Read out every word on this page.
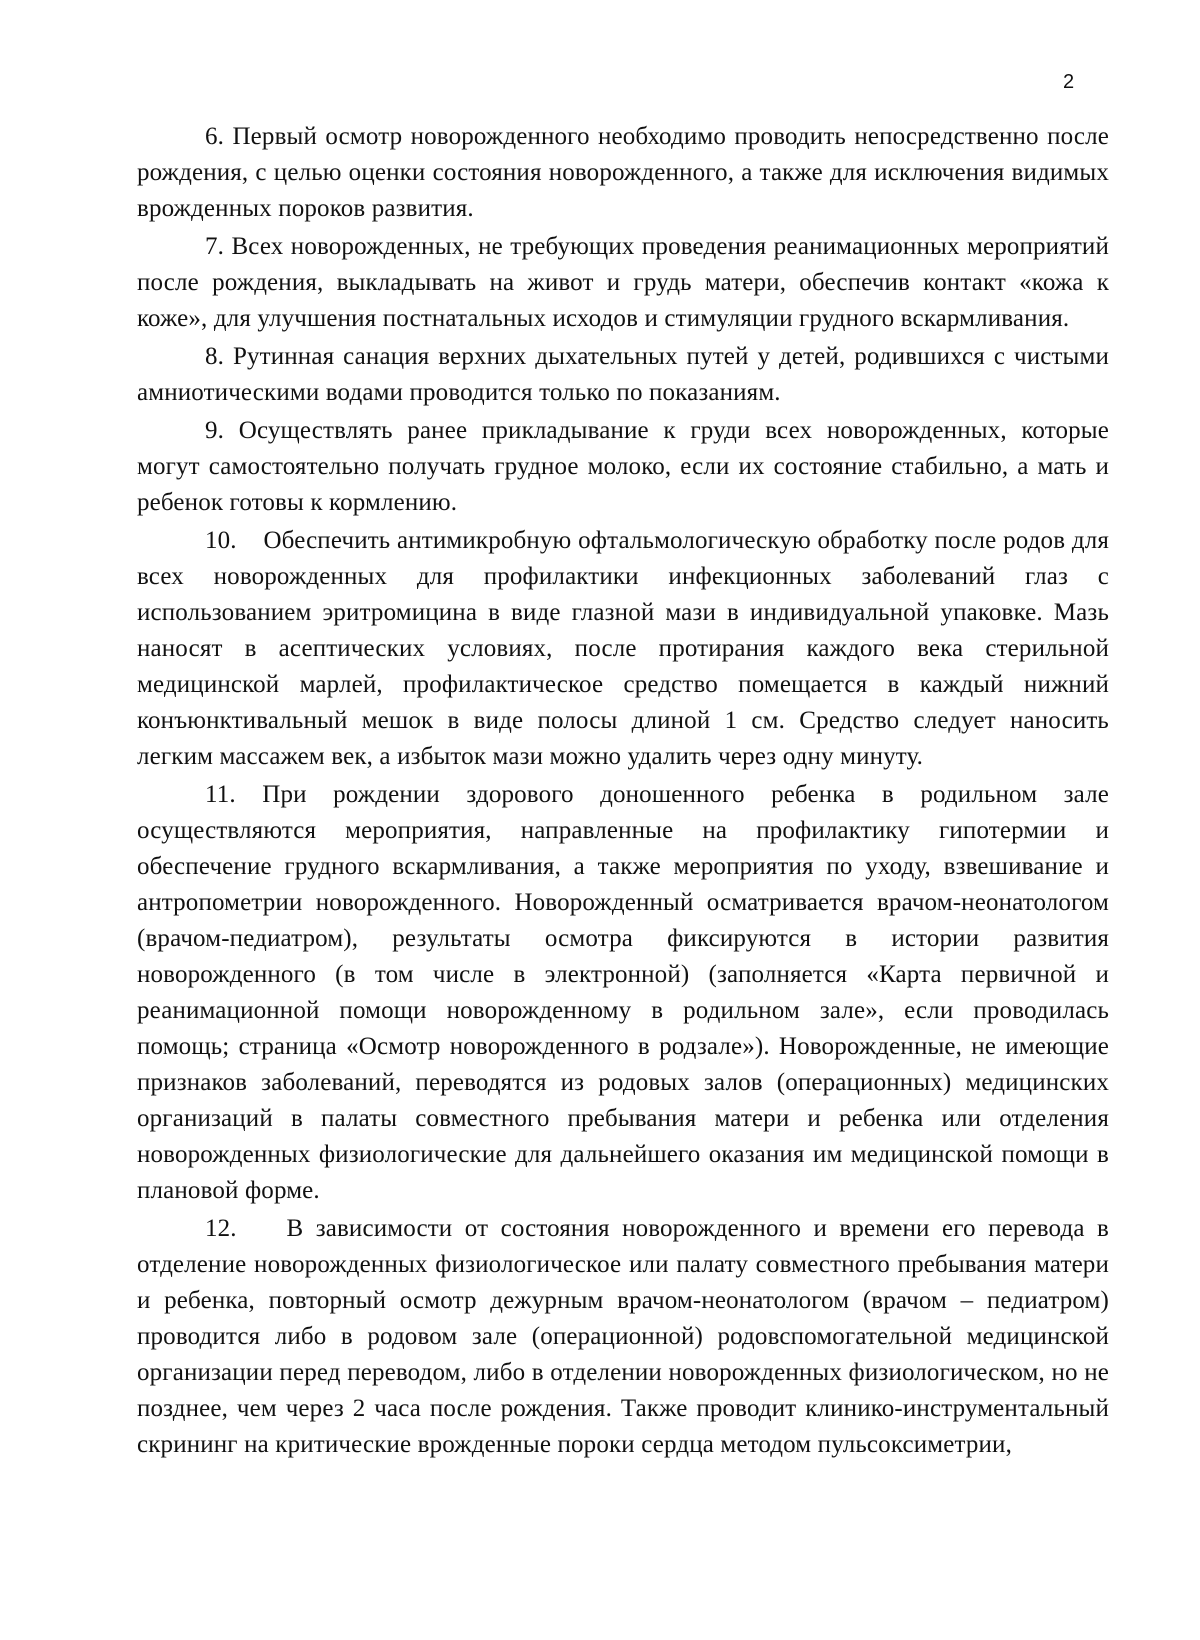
2

6. Первый осмотр новорожденного необходимо проводить непосредственно после рождения, с целью оценки состояния новорожденного, а также для исключения видимых врожденных пороков развития.

7. Всех новорожденных, не требующих проведения реанимационных мероприятий после рождения, выкладывать на живот и грудь матери, обеспечив контакт «кожа к коже», для улучшения постнатальных исходов и стимуляции грудного вскармливания.

8. Рутинная санация верхних дыхательных путей у детей, родившихся с чистыми амниотическими водами проводится только по показаниям.

9. Осуществлять ранее прикладывание к груди всех новорожденных, которые могут самостоятельно получать грудное молоко, если их состояние стабильно, а мать и ребенок готовы к кормлению.

10. Обеспечить антимикробную офтальмологическую обработку после родов для всех новорожденных для профилактики инфекционных заболеваний глаз с использованием эритромицина в виде глазной мази в индивидуальной упаковке. Мазь наносят в асептических условиях, после протирания каждого века стерильной медицинской марлей, профилактическое средство помещается в каждый нижний конъюнктивальный мешок в виде полосы длиной 1 см. Средство следует наносить легким массажем век, а избыток мази можно удалить через одну минуту.

11. При рождении здорового доношенного ребенка в родильном зале осуществляются мероприятия, направленные на профилактику гипотермии и обеспечение грудного вскармливания, а также мероприятия по уходу, взвешивание и антропометрии новорожденного. Новорожденный осматривается врачом-неонатологом (врачом-педиатром), результаты осмотра фиксируются в истории развития новорожденного (в том числе в электронной) (заполняется «Карта первичной и реанимационной помощи новорожденному в родильном зале», если проводилась помощь; страница «Осмотр новорожденного в родзале»). Новорожденные, не имеющие признаков заболеваний, переводятся из родовых залов (операционных) медицинских организаций в палаты совместного пребывания матери и ребенка или отделения новорожденных физиологические для дальнейшего оказания им медицинской помощи в плановой форме.

12. В зависимости от состояния новорожденного и времени его перевода в отделение новорожденных физиологическое или палату совместного пребывания матери и ребенка, повторный осмотр дежурным врачом-неонатологом (врачом – педиатром) проводится либо в родовом зале (операционной) родовспомогательной медицинской организации перед переводом, либо в отделении новорожденных физиологическом, но не позднее, чем через 2 часа после рождения. Также проводит клинико-инструментальный скрининг на критические врожденные пороки сердца методом пульсоксиметрии,
